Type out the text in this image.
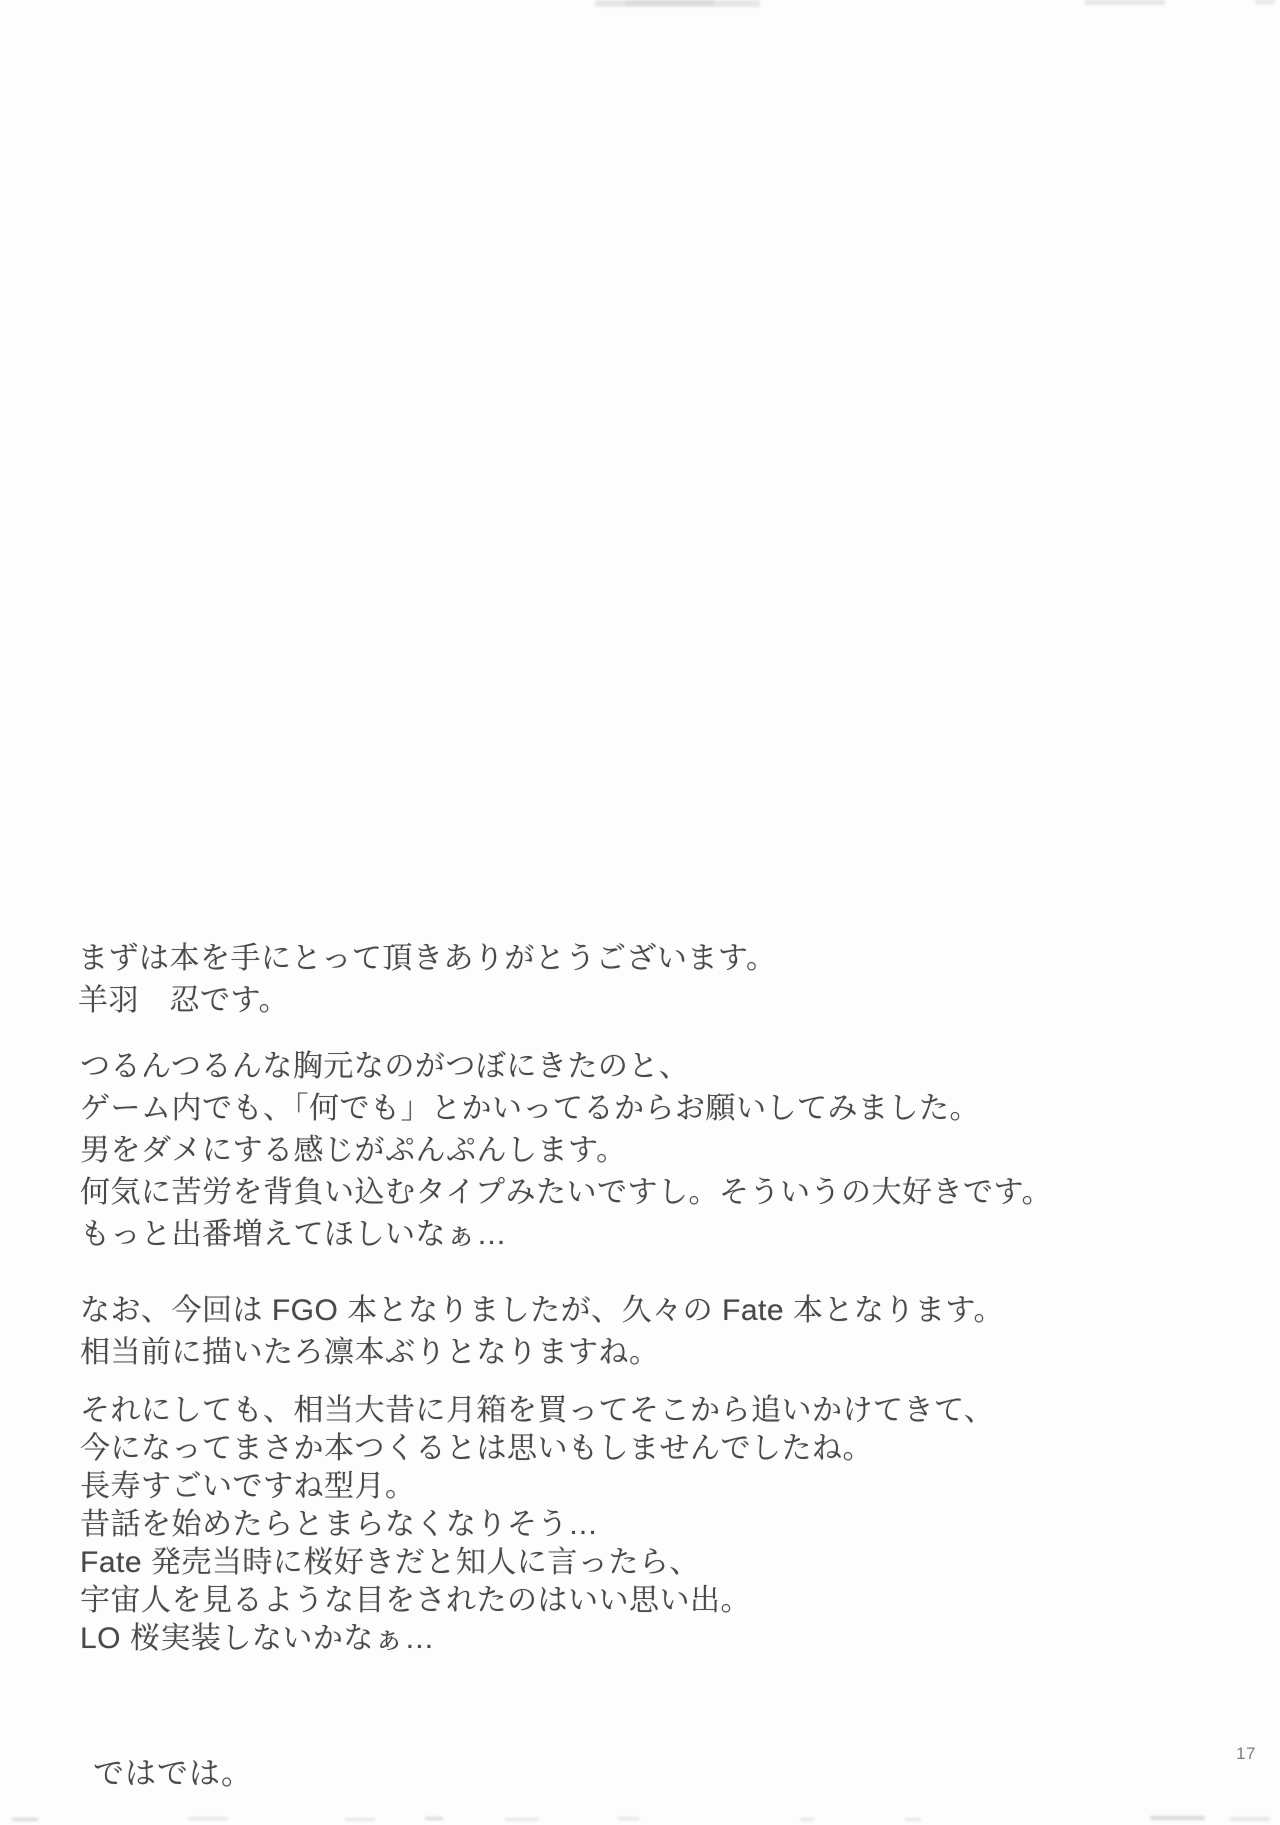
まずは本を手にとって頂きありがとうございます。
羊羽　忍です。
つるんつるんな胸元なのがつぼにきたのと、
ゲーム内でも、「何でも」とかいってるからお願いしてみました。
男をダメにする感じがぷんぷんします。
何気に苦労を背負い込むタイプみたいですし。そういうの大好きです。
もっと出番増えてほしいなぁ…
なお、今回は FGO 本となりましたが、久々の Fate 本となります。
相当前に描いたろ凛本ぶりとなりますね。
それにしても、相当大昔に月箱を買ってそこから追いかけてきて、
今になってまさか本つくるとは思いもしませんでしたね。
長寿すごいですね型月。
昔話を始めたらとまらなくなりそう…
Fate 発売当時に桜好きだと知人に言ったら、
宇宙人を見るような目をされたのはいい思い出。
LO 桜実装しないかなぁ…
ではでは。
17
